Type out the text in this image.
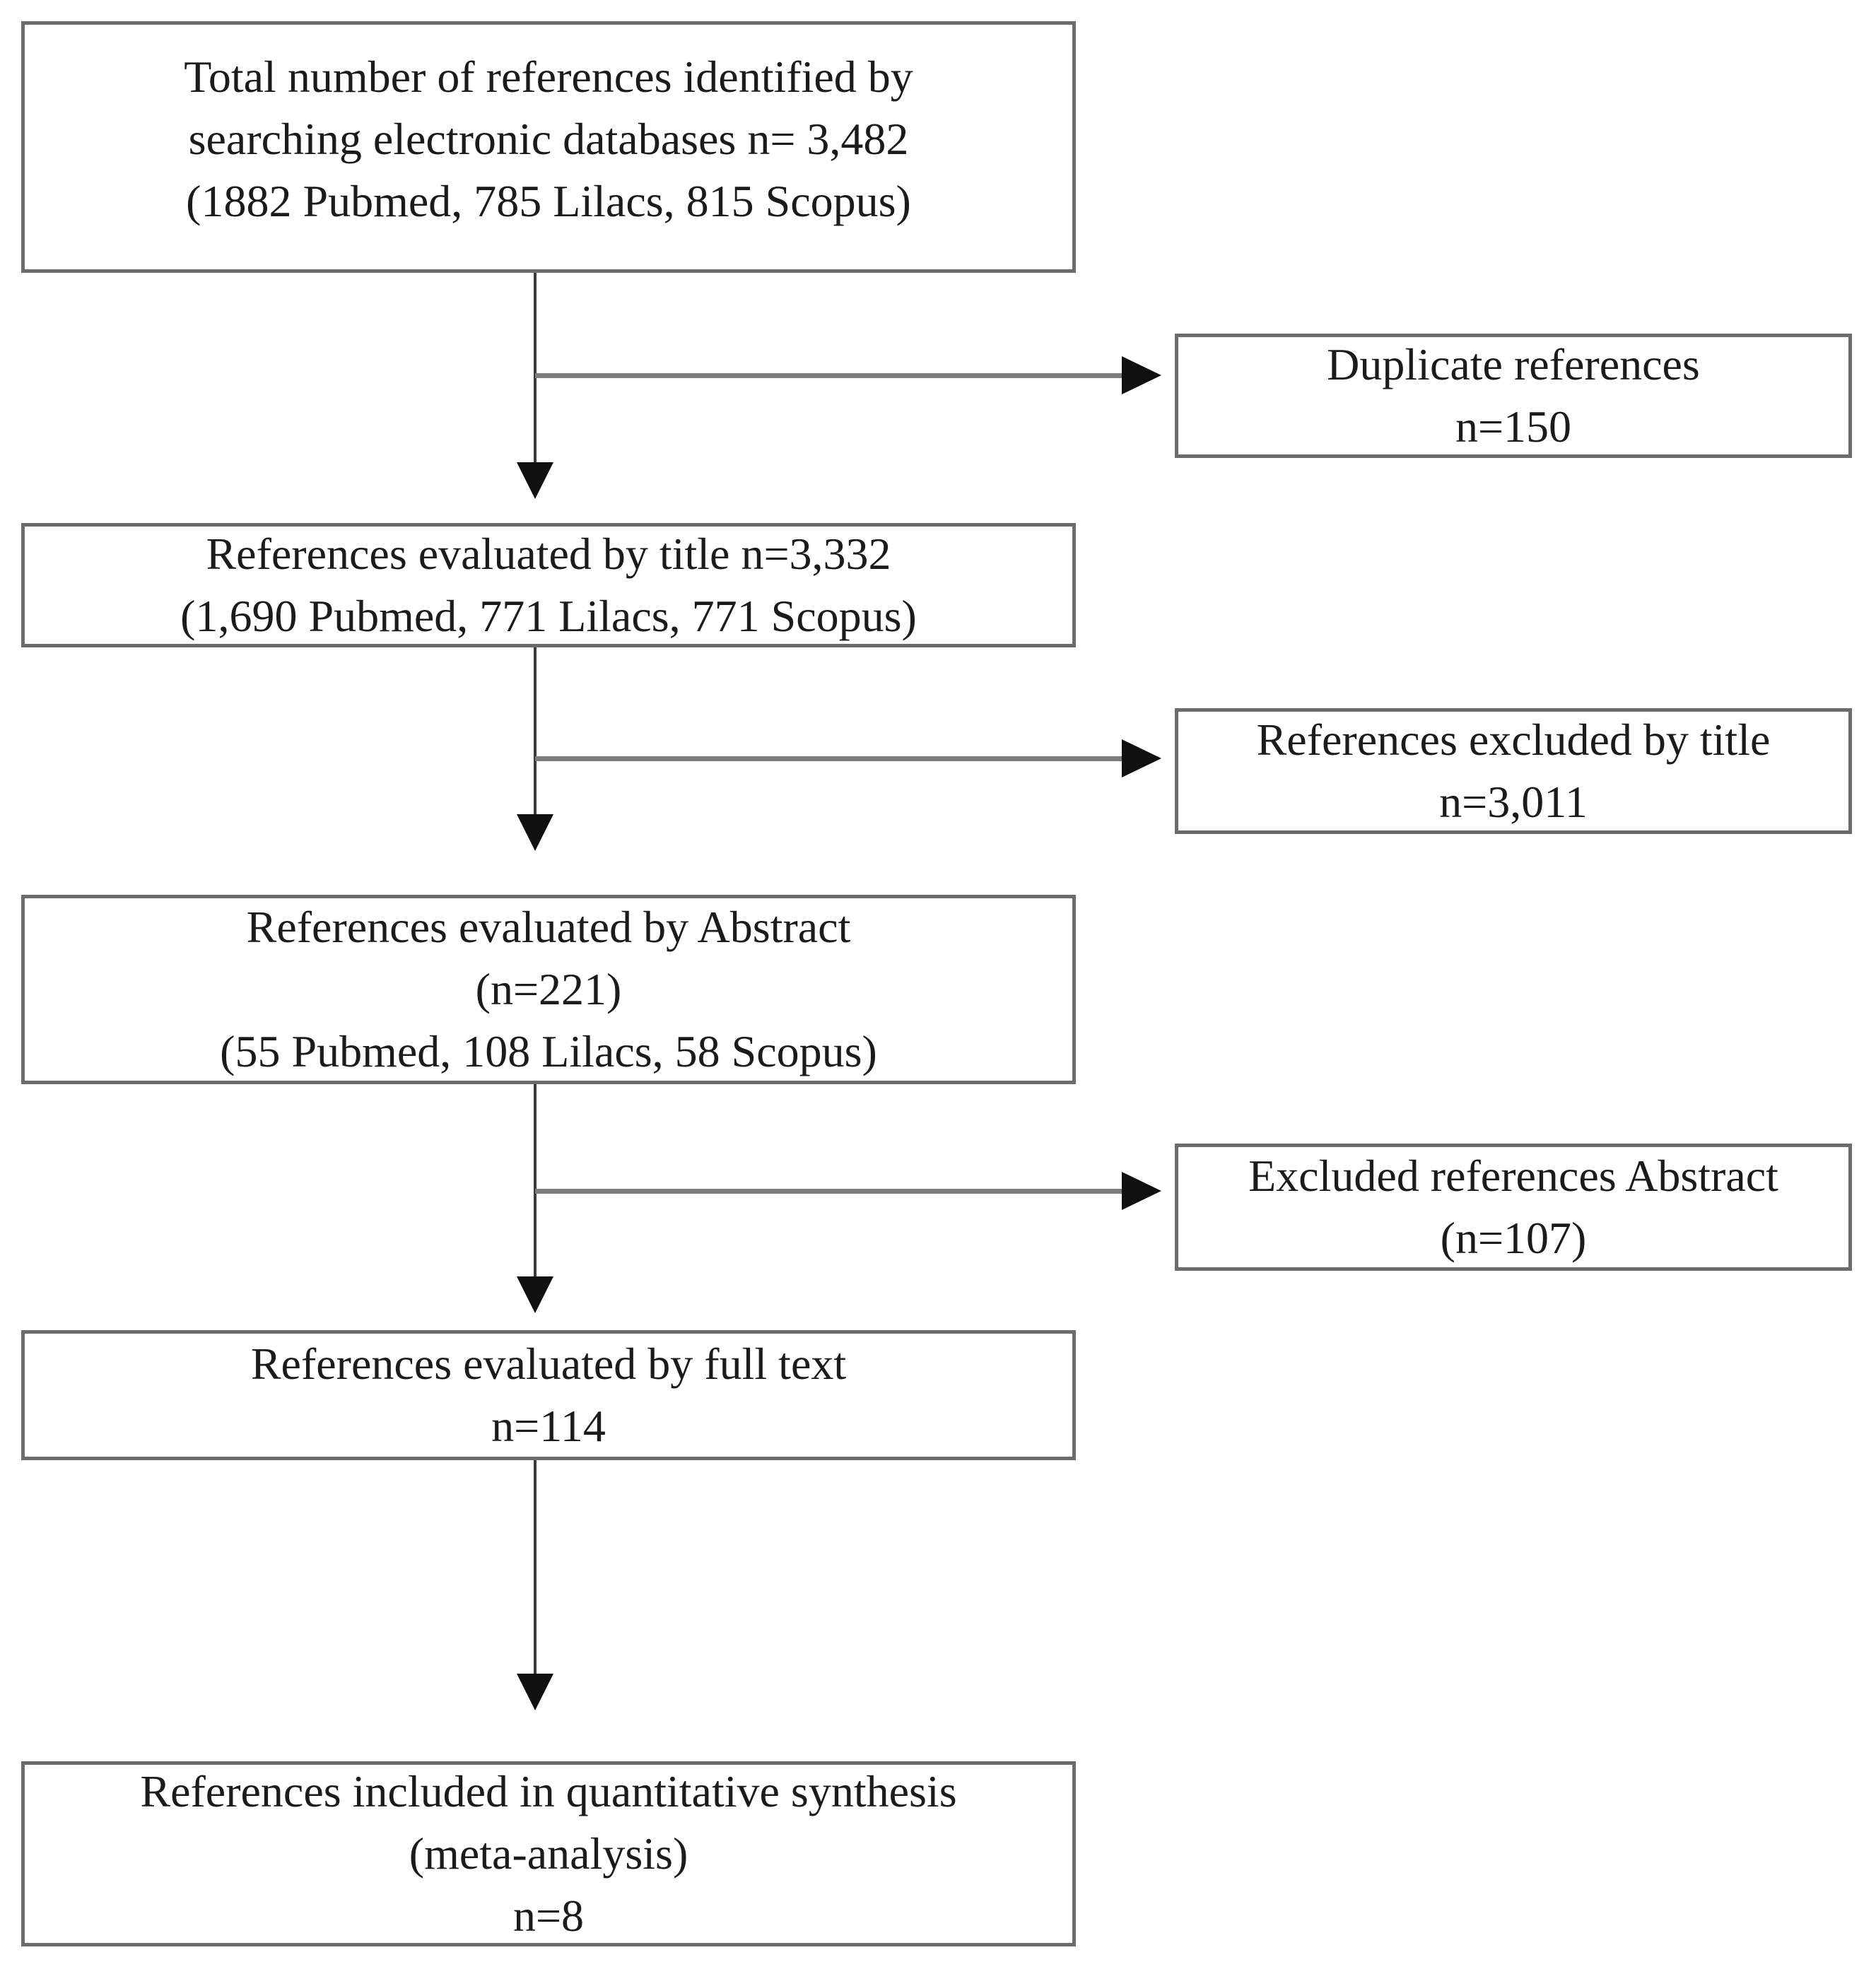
Total number of references identified by
searching electronic databases n= 3,482
(1882 Pubmed, 785 Lilacs, 815 Scopus)
References evaluated by title n=3,332
(1,690 Pubmed, 771 Lilacs, 771 Scopus)
References evaluated by Abstract
(n=221)
(55 Pubmed, 108 Lilacs, 58 Scopus)
References evaluated by full text
n=114
References included in quantitative synthesis
(meta-analysis)
n=8
Duplicate references
n=150
References excluded by title
n=3,011
Excluded references Abstract
(n=107)
